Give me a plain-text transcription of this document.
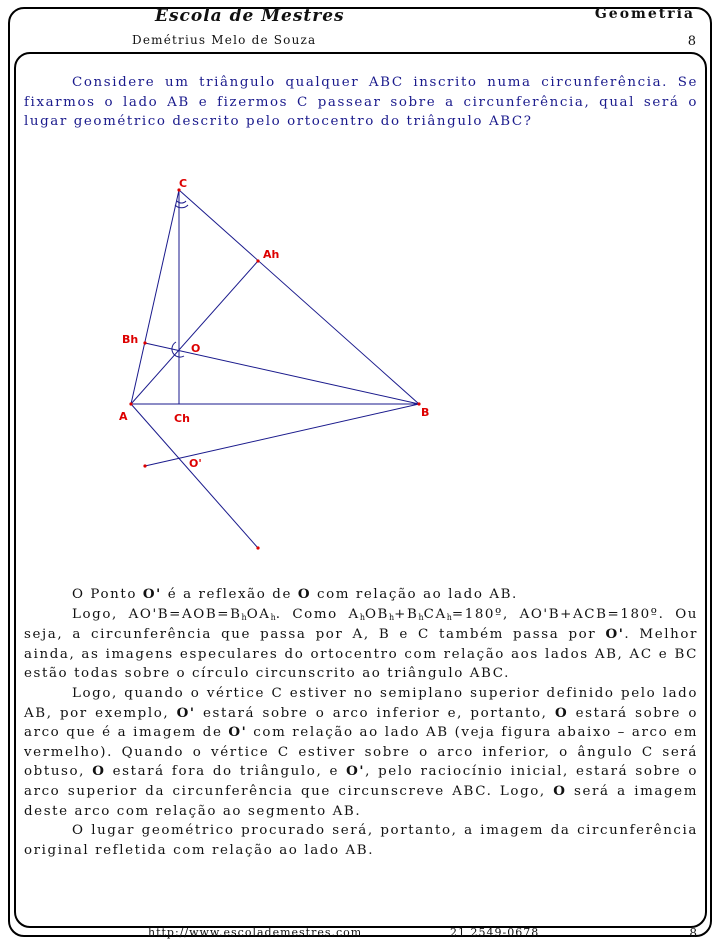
Escola de Mestres	Geometria
Demétrius Melo de Souza	8

Considere um triângulo qualquer ABC inscrito numa circunferência. Se fixarmos o lado AB e fizermos C passear sobre a circunferência, qual será o lugar geométrico descrito pelo ortocentro do triângulo ABC?

C
Ah
Bh
O
A	Ch	B
O'

O Ponto O' é a reflexão de O com relação ao lado AB.

Logo, $AO'B=AOB=B_hOA_h$. Como $A_hOB_h+B_hCA_h=180º$, AO'B+ACB=180º. Ou seja, a circunferência que passa por A, B e C também passa por O'. Melhor ainda, as imagens especulares do ortocentro com relação aos lados AB, AC e BC estão todas sobre o círculo circunscrito ao triângulo ABC.

Logo, quando o vértice C estiver no semiplano superior definido pelo lado AB, por exemplo, O' estará sobre o arco inferior e, portanto, O estará sobre o arco que é a imagem de O' com relação ao lado AB (veja figura abaixo – arco em vermelho). Quando o vértice C estiver sobre o arco inferior, o ângulo C será obtuso, O estará fora do triângulo, e O', pelo raciocínio inicial, estará sobre o arco superior da circunferência que circunscreve ABC. Logo, O será a imagem deste arco com relação ao segmento AB.

O lugar geométrico procurado será, portanto, a imagem da circunferência original refletida com relação ao lado AB.

http://www.escolademestres.com	21 2549-0678	8
